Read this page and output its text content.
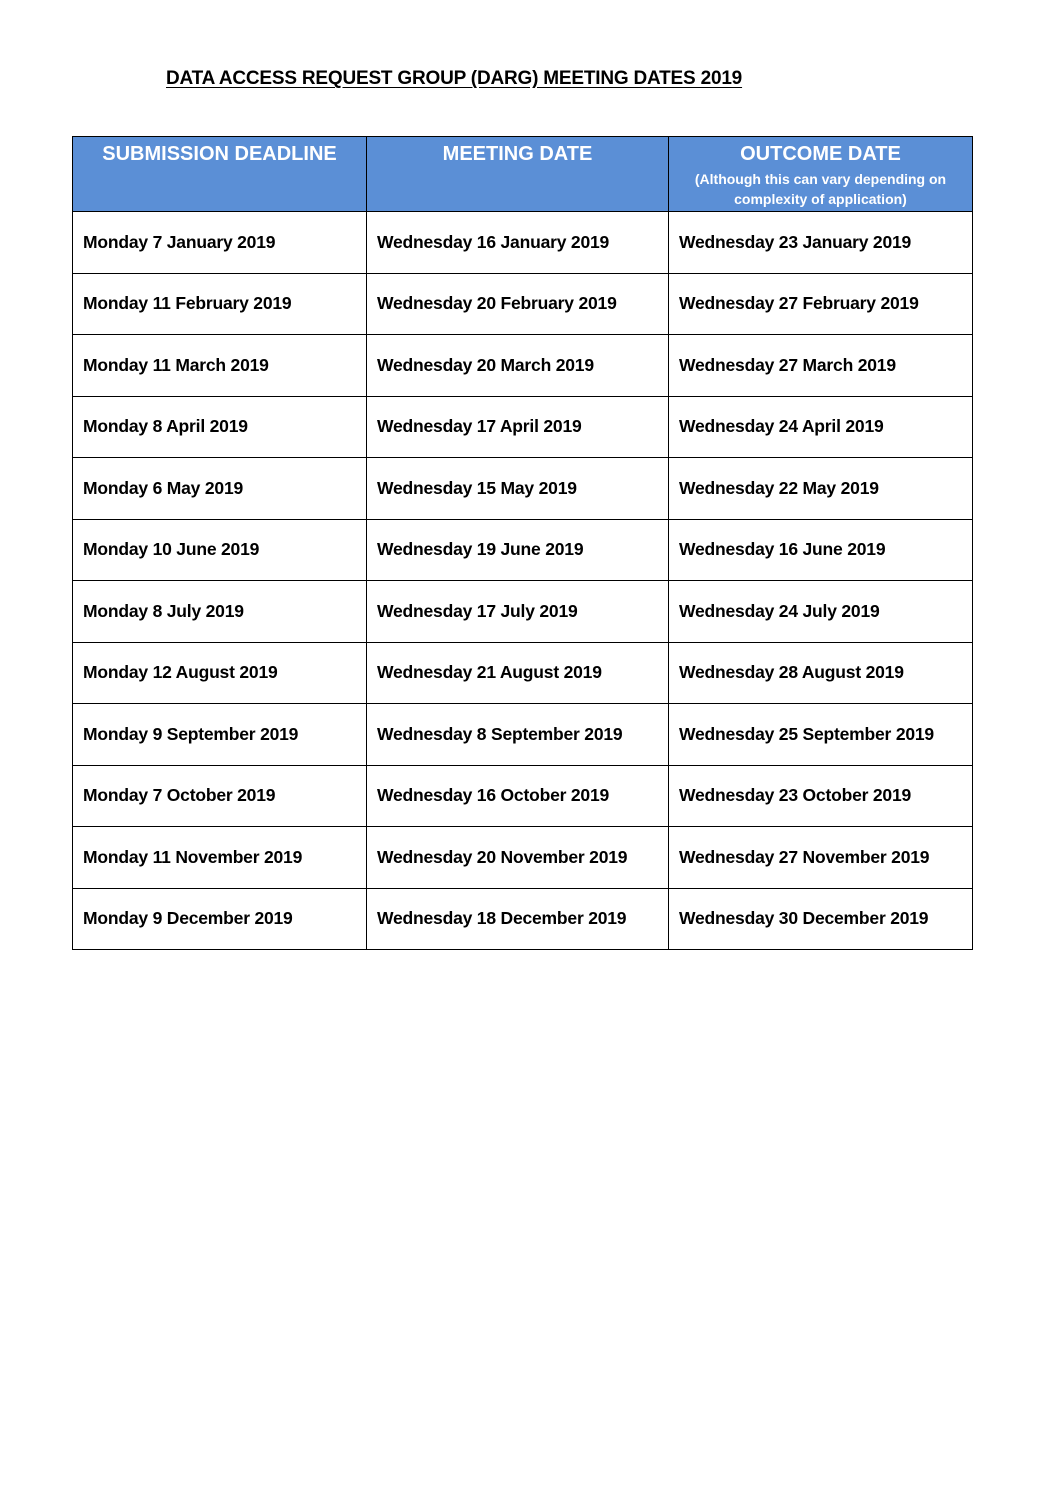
DATA ACCESS REQUEST GROUP (DARG) MEETING DATES 2019
SUBMISSION DEADLINE	MEETING DATE	OUTCOME DATE
(Although this can vary depending on complexity of application)

Monday 7 January 2019	Wednesday 16 January 2019	Wednesday 23 January 2019
Monday 11 February 2019	Wednesday 20 February 2019	Wednesday 27 February 2019
Monday 11 March 2019	Wednesday 20 March 2019	Wednesday 27 March 2019
Monday 8 April 2019	Wednesday 17 April 2019	Wednesday 24 April 2019
Monday 6 May 2019	Wednesday 15 May 2019	Wednesday 22 May 2019
Monday 10 June 2019	Wednesday 19 June 2019	Wednesday 16 June 2019
Monday 8 July 2019	Wednesday 17 July 2019	Wednesday 24 July 2019
Monday 12 August 2019	Wednesday 21 August 2019	Wednesday 28 August 2019
Monday 9 September 2019	Wednesday 8 September 2019	Wednesday 25 September 2019
Monday 7 October 2019	Wednesday 16 October 2019	Wednesday 23 October 2019
Monday 11 November 2019	Wednesday 20 November 2019	Wednesday 27 November 2019
Monday 9 December 2019	Wednesday 18 December 2019	Wednesday 30 December 2019
